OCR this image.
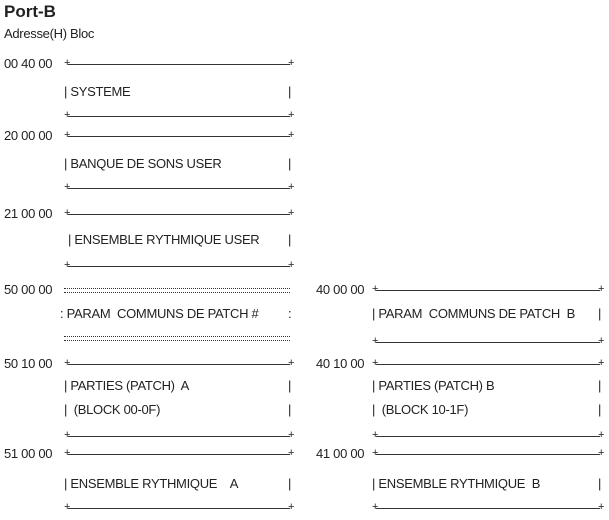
Port-B
Adresse(H) Bloc
00 40 00 +	+
| SYSTEME	|
+	+
20 00 00 +	+
| BANQUE DE SONS USER	|
+	+
21 00 00 +	+
| ENSEMBLE RYTHMIQUE USER |
+	+
50 00 00
: PARAM  COMMUNS DE PATCH # :
50 10 00 +	+
| PARTIES (PATCH)  A	|
|  (BLOCK 00-0F)	|
+	+
51 00 00 +	+
| ENSEMBLE RYTHMIQUE    A	|
+	+
40 00 00 +	+
| PARAM  COMMUNS DE PATCH  B |
+	+
40 10 00 +	+
| PARTIES (PATCH) B	|
|  (BLOCK 10-1F)	|
+	+
41 00 00 +	+
| ENSEMBLE RYTHMIQUE  B	|
+	+
